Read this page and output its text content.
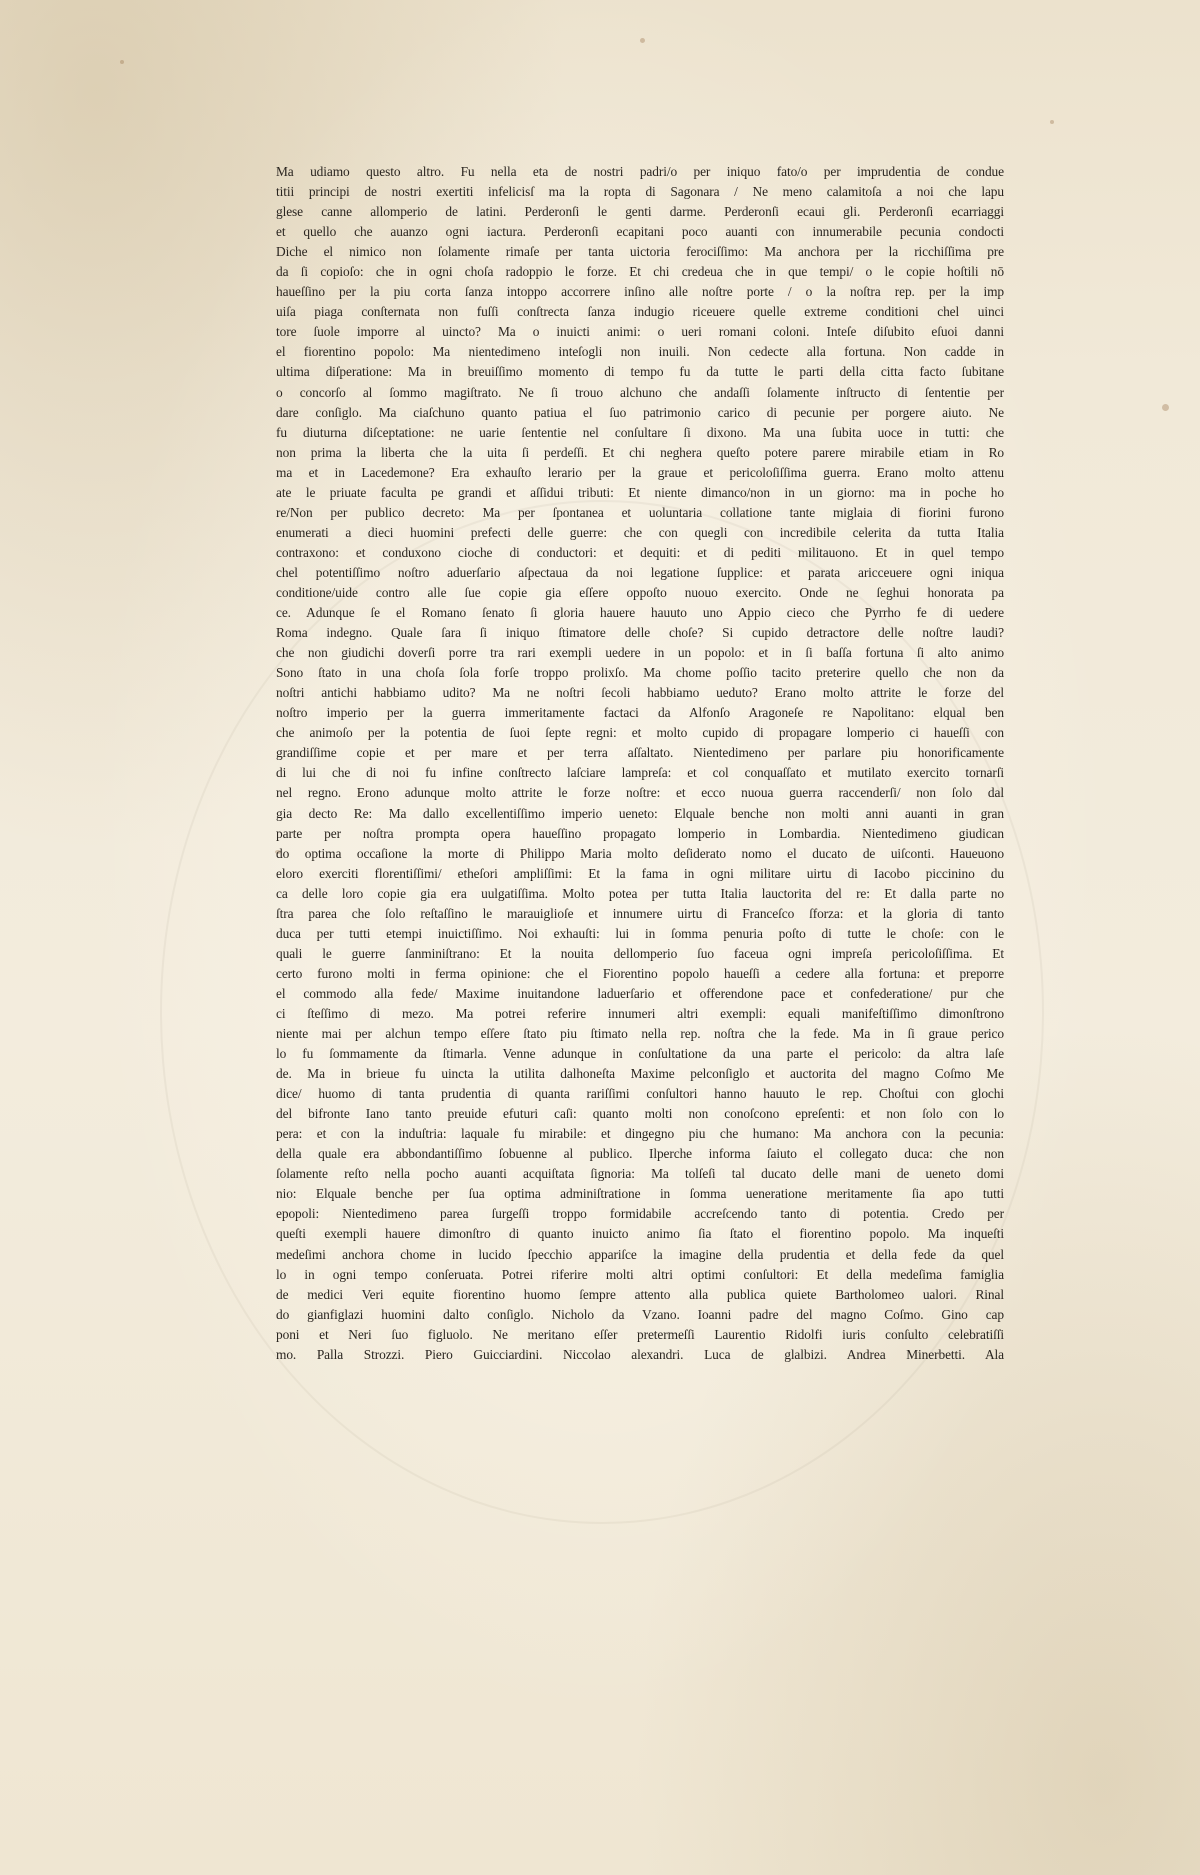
Ma udiamo questo altro. Fu nella eta de nostri padri/o per iniquo fato/o per imprudentia de condue
titii principi de nostri exertiti infelicisſ ma la ropta di Sagonara / Ne meno calamitoſa a noi che lapu
glese canne allomperio de latini. Perderonſi le genti darme. Perderonſi ecaui gli. Perderonſi ecarriaggi
et quello che auanzo ogni iactura. Perderonſi ecapitani poco auanti con innumerabile pecunia condocti
Diche el nimico non ſolamente rimaſe per tanta uictoria ferociſſimo: Ma anchora per la ricchiſſima pre
da ſi copioſo: che in ogni choſa radoppio le forze. Et chi credeua che in que tempi/ o le copie hoſtili nō
haueſſino per la piu corta ſanza intoppo accorrere inſino alle noſtre porte / o la noſtra rep. per la imp
uiſa piaga conſternata non fuſſi conſtrecta ſanza indugio riceuere quelle extreme conditioni chel uinci
tore ſuole imporre al uincto? Ma o inuicti animi: o ueri romani coloni. Inteſe diſubito eſuoi danni
el fiorentino popolo: Ma nientedimeno inteſogli non inuili. Non cedecte alla fortuna. Non cadde in
ultima diſperatione: Ma in breuiſſimo momento di tempo fu da tutte le parti della citta facto ſubitane
o concorſo al ſommo magiſtrato. Ne ſi trouo alchuno che andaſſi ſolamente inſtructo di ſententie per
dare conſiglo. Ma ciaſchuno quanto patiua el ſuo patrimonio carico di pecunie per porgere aiuto. Ne
fu diuturna diſceptatione: ne uarie ſententie nel conſultare ſi dixono. Ma una ſubita uoce in tutti: che
non prima la liberta che la uita ſi perdeſſi. Et chi neghera queſto potere parere mirabile etiam in Ro
ma et in Lacedemone? Era exhauſto lerario per la graue et pericoloſiſſima guerra. Erano molto attenu
ate le priuate faculta pe grandi et aſſidui tributi: Et niente dimanco/non in un giorno: ma in poche ho
re/Non per publico decreto: Ma per ſpontanea et uoluntaria collatione tante miglaia di fiorini furono
enumerati a dieci huomini prefecti delle guerre: che con quegli con incredibile celerita da tutta Italia
contraxono: et conduxono cioche di conductori: et dequiti: et di pediti militauono. Et in quel tempo
chel potentiſſimo noſtro aduerſario aſpectaua da noi legatione ſupplice: et parata aricceuere ogni iniqua
conditione/uide contro alle ſue copie gia eſſere oppoſto nuouo exercito. Onde ne ſeghui honorata pa
ce. Adunque ſe el Romano ſenato ſi gloria hauere hauuto uno Appio cieco che Pyrrho fe di uedere
Roma indegno. Quale ſara ſi iniquo ſtimatore delle choſe? Si cupido detractore delle noſtre laudi?
che non giudichi doverſi porre tra rari exempli uedere in un popolo: et in ſi baſſa fortuna ſi alto animo
Sono ſtato in una choſa ſola forſe troppo prolixſo. Ma chome poſſio tacito preterire quello che non da
noſtri antichi habbiamo udito? Ma ne noſtri ſecoli habbiamo ueduto? Erano molto attrite le forze del
noſtro imperio per la guerra immeritamente factaci da Alfonſo Aragoneſe re Napolitano: elqual ben
che animoſo per la potentia de ſuoi ſepte regni: et molto cupido di propagare lomperio ci haueſſi con
grandiſſime copie et per mare et per terra aſſaltato. Nientedimeno per parlare piu honorificamente
di lui che di noi fu infine conſtrecto laſciare lampreſa: et col conquaſſato et mutilato exercito tornarſi
nel regno. Erono adunque molto attrite le forze noſtre: et ecco nuoua guerra raccenderſi/ non ſolo dal
gia decto Re: Ma dallo excellentiſſimo imperio ueneto: Elquale benche non molti anni auanti in gran
parte per noſtra prompta opera haueſſino propagato lomperio in Lombardia. Nientedimeno giudican
do optima occaſione la morte di Philippo Maria molto deſiderato nomo el ducato de uiſconti. Haueuono
eloro exerciti florentiſſimi/ etheſori ampliſſimi: Et la fama in ogni militare uirtu di Iacobo piccinino du
ca delle loro copie gia era uulgatiſſima. Molto potea per tutta Italia lauctorita del re: Et dalla parte no
ſtra parea che ſolo reſtaſſino le marauiglioſe et innumere uirtu di Franceſco ſforza: et la gloria di tanto
duca per tutti etempi inuictiſſimo. Noi exhauſti: lui in ſomma penuria poſto di tutte le choſe: con le
quali le guerre ſanminiſtrano: Et la nouita dellomperio ſuo faceua ogni impreſa pericoloſiſſima. Et
certo furono molti in ferma opinione: che el Fiorentino popolo haueſſi a cedere alla fortuna: et preporre
el commodo alla fede/ Maxime inuitandone laduerſario et offerendone pace et confederatione/ pur che
ci ſteſſimo di mezo. Ma potrei referire innumeri altri exempli: equali manifeſtiſſimo dimonſtrono
niente mai per alchun tempo eſſere ſtato piu ſtimato nella rep. noſtra che la fede. Ma in ſi graue perico
lo fu ſommamente da ſtimarla. Venne adunque in conſultatione da una parte el pericolo: da altra laſe
de. Ma in brieue fu uincta la utilita dalhoneſta Maxime pelconſiglo et auctorita del magno Coſmo Me
dice/ huomo di tanta prudentia di quanta rariſſimi conſultori hanno hauuto le rep. Choſtui con glochi
del bifronte Iano tanto preuide efuturi caſi: quanto molti non conoſcono epreſenti: et non ſolo con lo
pera: et con la induſtria: laquale fu mirabile: et dingegno piu che humano: Ma anchora con la pecunia:
della quale era abbondantiſſimo ſobuenne al publico. Ilperche informa ſaiuto el collegato duca: che non
ſolamente reſto nella pocho auanti acquiſtata ſignoria: Ma tolſeſi tal ducato delle mani de ueneto domi
nio: Elquale benche per ſua optima adminiſtratione in ſomma ueneratione meritamente ſia apo tutti
epopoli: Nientedimeno parea ſurgeſſi troppo formidabile accreſcendo tanto di potentia. Credo per
queſti exempli hauere dimonſtro di quanto inuicto animo ſia ſtato el fiorentino popolo. Ma inqueſti
medeſimi anchora chome in lucido ſpecchio appariſce la imagine della prudentia et della fede da quel
lo in ogni tempo conſeruata. Potrei riferire molti altri optimi conſultori: Et della medeſima famiglia
de medici Veri equite fiorentino huomo ſempre attento alla publica quiete Bartholomeo ualori. Rinal
do gianfiglazi huomini dalto conſiglo. Nicholo da Vzano. Ioanni padre del magno Coſmo. Gino cap
poni et Neri ſuo figluolo. Ne meritano eſſer pretermeſſi Laurentio Ridolfi iuris conſulto celebratiſſi
mo. Palla Strozzi. Piero Guicciardini. Niccolao alexandri. Luca de glalbizi. Andrea Minerbetti. Ala
